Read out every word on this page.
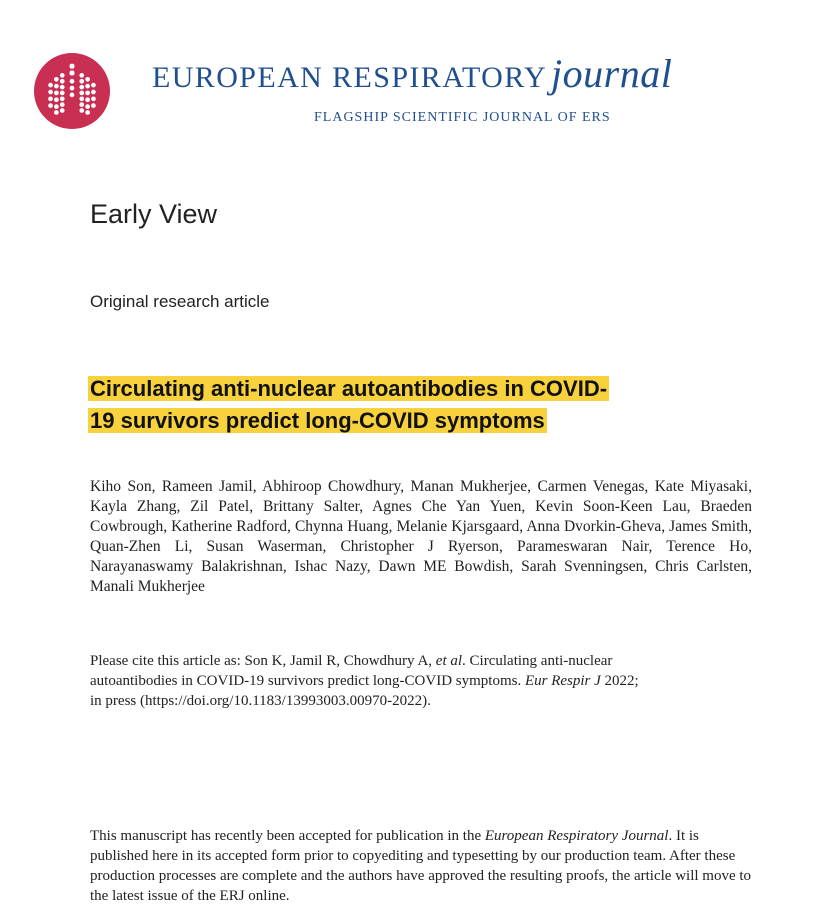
EUROPEAN RESPIRATORY journal
FLAGSHIP SCIENTIFIC JOURNAL OF ERS
Early View
Original research article
Circulating anti-nuclear autoantibodies in COVID-
19 survivors predict long-COVID symptoms
Kiho Son, Rameen Jamil, Abhiroop Chowdhury, Manan Mukherjee, Carmen Venegas, Kate Miyasaki, Kayla Zhang, Zil Patel, Brittany Salter, Agnes Che Yan Yuen, Kevin Soon-Keen Lau, Braeden Cowbrough, Katherine Radford, Chynna Huang, Melanie Kjarsgaard, Anna Dvorkin-Gheva, James Smith, Quan-Zhen Li, Susan Waserman, Christopher J Ryerson, Parameswaran Nair, Terence Ho, Narayanaswamy Balakrishnan, Ishac Nazy, Dawn ME Bowdish, Sarah Svenningsen, Chris Carlsten, Manali Mukherjee
Please cite this article as: Son K, Jamil R, Chowdhury A, et al. Circulating anti-nuclear autoantibodies in COVID-19 survivors predict long-COVID symptoms. Eur Respir J 2022; in press (https://doi.org/10.1183/13993003.00970-2022).
This manuscript has recently been accepted for publication in the European Respiratory Journal. It is published here in its accepted form prior to copyediting and typesetting by our production team. After these production processes are complete and the authors have approved the resulting proofs, the article will move to the latest issue of the ERJ online.
